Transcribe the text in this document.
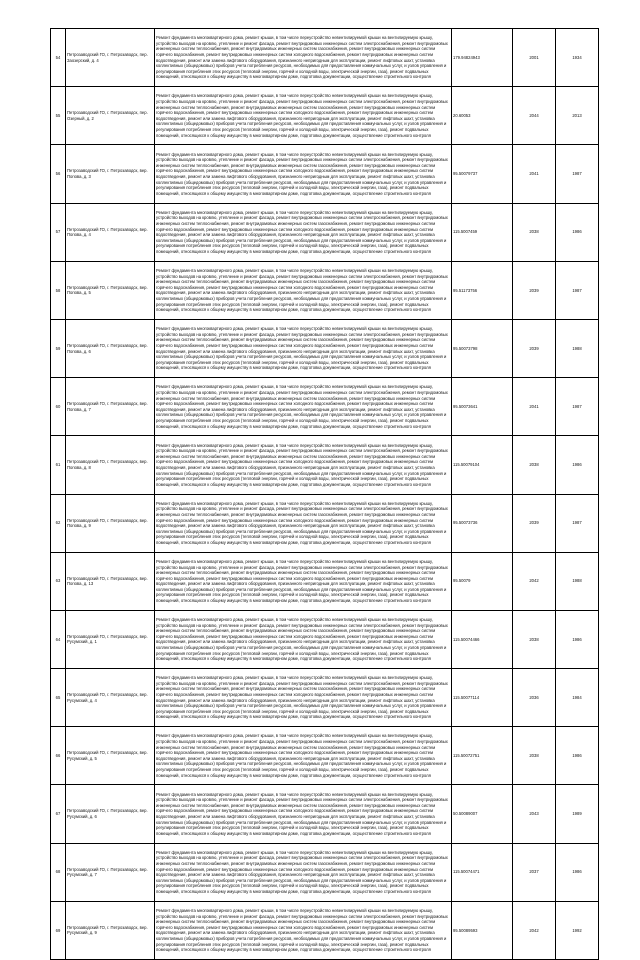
54	Петрозаводский ГО, г. Петрозаводск, пер. Заозерский, д. 4	Ремонт фундамента многоквартирного дома, ремонт крыши, в том числе переустройство невентилируемой крыши на вентилируемую крышу, устройство выходов на кровлю, утепление и ремонт фасада, ремонт внутридомовых инженерных систем электроснабжения, ремонт внутридомовых инженерных систем теплоснабжения, ремонт внутридомовых инженерных систем газоснабжения, ремонт внутридомовых инженерных систем горячего водоснабжения, ремонт внутридомовых инженерных систем холодного водоснабжения, ремонт внутридомовых инженерных систем водоотведения, ремонт или замена лифтового оборудования, признанного непригодным для эксплуатации, ремонт лифтовых шахт, установка коллективных (общедомовых) приборов учета потребления ресурсов, необходимых для предоставления коммунальных услуг, и узлов управления и регулирования потребления этих ресурсов (тепловой энергии, горячей и холодной воды, электрической энергии, газа), ремонт подвальных помещений, относящихся к общему имуществу в многоквартирном доме, подготовка документации, осуществление строительного контроля	179.94824943	2001	1934
55	Петрозаводский ГО, г. Петрозаводск, пер. Озерный, д. 2	Ремонт фундамента многоквартирного дома, ремонт крыши, в том числе переустройство невентилируемой крыши на вентилируемую крышу, устройство выходов на кровлю, утепление и ремонт фасада, ремонт внутридомовых инженерных систем электроснабжения, ремонт внутридомовых инженерных систем теплоснабжения, ремонт внутридомовых инженерных систем газоснабжения, ремонт внутридомовых инженерных систем горячего водоснабжения, ремонт внутридомовых инженерных систем холодного водоснабжения, ремонт внутридомовых инженерных систем водоотведения, ремонт или замена лифтового оборудования, признанного непригодным для эксплуатации, ремонт лифтовых шахт, установка коллективных (общедомовых) приборов учета потребления ресурсов, необходимых для предоставления коммунальных услуг, и узлов управления и регулирования потребления этих ресурсов (тепловой энергии, горячей и холодной воды, электрической энергии, газа), ремонт подвальных помещений, относящихся к общему имуществу в многоквартирном доме, подготовка документации, осуществление строительного контроля	20.60053	2044	2013
56	Петрозаводский ГО, г. Петрозаводск, вер. Попова, д. 3	Ремонт фундамента многоквартирного дома, ремонт крыши, в том числе переустройство невентилируемой крыши на вентилируемую крышу, устройство выходов на кровлю, утепление и ремонт фасада, ремонт внутридомовых инженерных систем электроснабжения, ремонт внутридомовых инженерных систем теплоснабжения, ремонт внутридомовых инженерных систем газоснабжения, ремонт внутридомовых инженерных систем горячего водоснабжения, ремонт внутридомовых инженерных систем холодного водоснабжения, ремонт внутридомовых инженерных систем водоотведения, ремонт или замена лифтового оборудования, признанного непригодным для эксплуатации, ремонт лифтовых шахт, установка коллективных (общедомовых) приборов учета потребления ресурсов, необходимых для предоставления коммунальных услуг, и узлов управления и регулирования потребления этих ресурсов (тепловой энергии, горячей и холодной воды, электрической энергии, газа), ремонт подвальных помещений, относящихся к общему имуществу в многоквартирном доме, подготовка документации, осуществление строительного контроля	95.50079737	2041	1987
57	Петрозаводский ГО, г. Петрозаводск, вер. Попова, д. 4	Ремонт фундамента многоквартирного дома, ремонт крыши, в том числе переустройство невентилируемой крыши на вентилируемую крышу, устройство выходов на кровлю, утепление и ремонт фасада, ремонт внутридомовых инженерных систем электроснабжения, ремонт внутридомовых инженерных систем теплоснабжения, ремонт внутридомовых инженерных систем газоснабжения, ремонт внутридомовых инженерных систем горячего водоснабжения, ремонт внутридомовых инженерных систем холодного водоснабжения, ремонт внутридомовых инженерных систем водоотведения, ремонт или замена лифтового оборудования, признанного непригодным для эксплуатации, ремонт лифтовых шахт, установка коллективных (общедомовых) приборов учета потребления ресурсов, необходимых для предоставления коммунальных услуг, и узлов управления и регулирования потребления этих ресурсов (тепловой энергии, горячей и холодной воды, электрической энергии, газа), ремонт подвальных помещений, относящихся к общему имуществу в многоквартирном доме, подготовка документации, осуществление строительного контроля	115.5007459	2038	1986
58	Петрозаводский ГО, г. Петрозаводск, вер. Попова, д. 5	Ремонт фундамента многоквартирного дома, ремонт крыши, в том числе переустройство невентилируемой крыши на вентилируемую крышу, устройство выходов на кровлю, утепление и ремонт фасада, ремонт внутридомовых инженерных систем электроснабжения, ремонт внутридомовых инженерных систем теплоснабжения, ремонт внутридомовых инженерных систем газоснабжения, ремонт внутридомовых инженерных систем горячего водоснабжения, ремонт внутридомовых инженерных систем холодного водоснабжения, ремонт внутридомовых инженерных систем водоотведения, ремонт или замена лифтового оборудования, признанного непригодным для эксплуатации, ремонт лифтовых шахт, установка коллективных (общедомовых) приборов учета потребления ресурсов, необходимых для предоставления коммунальных услуг, и узлов управления и регулирования потребления этих ресурсов (тепловой энергии, горячей и холодной воды, электрической энергии, газа), ремонт подвальных помещений, относящихся к общему имуществу в многоквартирном доме, подготовка документации, осуществление строительного контроля	95.51173756	2039	1987
59	Петрозаводский ГО, г. Петрозаводск, вер. Попова, д. 6	Ремонт фундамента многоквартирного дома, ремонт крыши, в том числе переустройство невентилируемой крыши на вентилируемую крышу, устройство выходов на кровлю, утепление и ремонт фасада, ремонт внутридомовых инженерных систем электроснабжения, ремонт внутридомовых инженерных систем теплоснабжения, ремонт внутридомовых инженерных систем газоснабжения, ремонт внутридомовых инженерных систем горячего водоснабжения, ремонт внутридомовых инженерных систем холодного водоснабжения, ремонт внутридомовых инженерных систем водоотведения, ремонт или замена лифтового оборудования, признанного непригодным для эксплуатации, ремонт лифтовых шахт, установка коллективных (общедомовых) приборов учета потребления ресурсов, необходимых для предоставления коммунальных услуг, и узлов управления и регулирования потребления этих ресурсов (тепловой энергии, горячей и холодной воды, электрической энергии, газа), ремонт подвальных помещений, относящихся к общему имуществу в многоквартирном доме, подготовка документации, осуществление строительного контроля	95.50073798	2039	1988
60	Петрозаводский ГО, г. Петрозаводск, вер. Попова, д. 7	Ремонт фундамента многоквартирного дома, ремонт крыши, в том числе переустройство невентилируемой крыши на вентилируемую крышу, устройство выходов на кровлю, утепление и ремонт фасада, ремонт внутридомовых инженерных систем электроснабжения, ремонт внутридомовых инженерных систем теплоснабжения, ремонт внутридомовых инженерных систем газоснабжения, ремонт внутридомовых инженерных систем горячего водоснабжения, ремонт внутридомовых инженерных систем холодного водоснабжения, ремонт внутридомовых инженерных систем водоотведения, ремонт или замена лифтового оборудования, признанного непригодным для эксплуатации, ремонт лифтовых шахт, установка коллективных (общедомовых) приборов учета потребления ресурсов, необходимых для предоставления коммунальных услуг, и узлов управления и регулирования потребления этих ресурсов (тепловой энергии, горячей и холодной воды, электрической энергии, газа), ремонт подвальных помещений, относящихся к общему имуществу в многоквартирном доме, подготовка документации, осуществление строительного контроля	95.50073641	2041	1987
61	Петрозаводский ГО, г. Петрозаводск, вер. Попова, д. 8	Ремонт фундамента многоквартирного дома, ремонт крыши, в том числе переустройство невентилируемой крыши на вентилируемую крышу, устройство выходов на кровлю, утепление и ремонт фасада, ремонт внутридомовых инженерных систем электроснабжения, ремонт внутридомовых инженерных систем теплоснабжения, ремонт внутридомовых инженерных систем газоснабжения, ремонт внутридомовых инженерных систем горячего водоснабжения, ремонт внутридомовых инженерных систем холодного водоснабжения, ремонт внутридомовых инженерных систем водоотведения, ремонт или замена лифтового оборудования, признанного непригодным для эксплуатации, ремонт лифтовых шахт, установка коллективных (общедомовых) приборов учета потребления ресурсов, необходимых для предоставления коммунальных услуг, и узлов управления и регулирования потребления этих ресурсов (тепловой энергии, горячей и холодной воды, электрической энергии, газа), ремонт подвальных помещений, относящихся к общему имуществу в многоквартирном доме, подготовка документации, осуществление строительного контроля	115.50079104	2038	1986
62	Петрозаводский ГО, г. Петрозаводск, вер. Попова, д. 9	Ремонт фундамента многоквартирного дома, ремонт крыши, в том числе переустройство невентилируемой крыши на вентилируемую крышу, устройство выходов на кровлю, утепление и ремонт фасада, ремонт внутридомовых инженерных систем электроснабжения, ремонт внутридомовых инженерных систем теплоснабжения, ремонт внутридомовых инженерных систем газоснабжения, ремонт внутридомовых инженерных систем горячего водоснабжения, ремонт внутридомовых инженерных систем холодного водоснабжения, ремонт внутридомовых инженерных систем водоотведения, ремонт или замена лифтового оборудования, признанного непригодным для эксплуатации, ремонт лифтовых шахт, установка коллективных (общедомовых) приборов учета потребления ресурсов, необходимых для предоставления коммунальных услуг, и узлов управления и регулирования потребления этих ресурсов (тепловой энергии, горячей и холодной воды, электрической энергии, газа), ремонт подвальных помещений, относящихся к общему имуществу в многоквартирном доме, подготовка документации, осуществление строительного контроля	95.50073736	2039	1987
63	Петрозаводский ГО, г. Петрозаводск, вер. Попова, д. 13	Ремонт фундамента многоквартирного дома, ремонт крыши, в том числе переустройство невентилируемой крыши на вентилируемую крышу, устройство выходов на кровлю, утепление и ремонт фасада, ремонт внутридомовых инженерных систем электроснабжения, ремонт внутридомовых инженерных систем теплоснабжения, ремонт внутридомовых инженерных систем газоснабжения, ремонт внутридомовых инженерных систем горячего водоснабжения, ремонт внутридомовых инженерных систем холодного водоснабжения, ремонт внутридомовых инженерных систем водоотведения, ремонт или замена лифтового оборудования, признанного непригодным для эксплуатации, ремонт лифтовых шахт, установка коллективных (общедомовых) приборов учета потребления ресурсов, необходимых для предоставления коммунальных услуг, и узлов управления и регулирования потребления этих ресурсов (тепловой энергии, горячей и холодной воды, электрической энергии, газа), ремонт подвальных помещений, относящихся к общему имуществу в многоквартирном доме, подготовка документации, осуществление строительного контроля	95.50079	2042	1988
64	Петрозаводский ГО, г. Петрозаводск, вер. Русумский, д. 1	Ремонт фундамента многоквартирного дома, ремонт крыши, в том числе переустройство невентилируемой крыши на вентилируемую крышу, устройство выходов на кровлю, утепление и ремонт фасада, ремонт внутридомовых инженерных систем электроснабжения, ремонт внутридомовых инженерных систем теплоснабжения, ремонт внутридомовых инженерных систем газоснабжения, ремонт внутридомовых инженерных систем горячего водоснабжения, ремонт внутридомовых инженерных систем холодного водоснабжения, ремонт внутридомовых инженерных систем водоотведения, ремонт или замена лифтового оборудования, признанного непригодным для эксплуатации, ремонт лифтовых шахт, установка коллективных (общедомовых) приборов учета потребления ресурсов, необходимых для предоставления коммунальных услуг, и узлов управления и регулирования потребления этих ресурсов (тепловой энергии, горячей и холодной воды, электрической энергии, газа), ремонт подвальных помещений, относящихся к общему имуществу в многоквартирном доме, подготовка документации, осуществление строительного контроля	115.50074466	2038	1986
65	Петрозаводский ГО, г. Петрозаводск, вер. Русумский, д. 4	Ремонт фундамента многоквартирного дома, ремонт крыши, в том числе переустройство невентилируемой крыши на вентилируемую крышу, устройство выходов на кровлю, утепление и ремонт фасада, ремонт внутридомовых инженерных систем электроснабжения, ремонт внутридомовых инженерных систем теплоснабжения, ремонт внутридомовых инженерных систем газоснабжения, ремонт внутридомовых инженерных систем горячего водоснабжения, ремонт внутридомовых инженерных систем холодного водоснабжения, ремонт внутридомовых инженерных систем водоотведения, ремонт или замена лифтового оборудования, признанного непригодным для эксплуатации, ремонт лифтовых шахт, установка коллективных (общедомовых) приборов учета потребления ресурсов, необходимых для предоставления коммунальных услуг, и узлов управления и регулирования потребления этих ресурсов (тепловой энергии, горячей и холодной воды, электрической энергии, газа), ремонт подвальных помещений, относящихся к общему имуществу в многоквартирном доме, подготовка документации, осуществление строительного контроля	115.50077114	2036	1984
66	Петрозаводский ГО, г. Петрозаводск, вер. Русумский, д. 5	Ремонт фундамента многоквартирного дома, ремонт крыши, в том числе переустройство невентилируемой крыши на вентилируемую крышу, устройство выходов на кровлю, утепление и ремонт фасада, ремонт внутридомовых инженерных систем электроснабжения, ремонт внутридомовых инженерных систем теплоснабжения, ремонт внутридомовых инженерных систем газоснабжения, ремонт внутридомовых инженерных систем горячего водоснабжения, ремонт внутридомовых инженерных систем холодного водоснабжения, ремонт внутридомовых инженерных систем водоотведения, ремонт или замена лифтового оборудования, признанного непригодным для эксплуатации, ремонт лифтовых шахт, установка коллективных (общедомовых) приборов учета потребления ресурсов, необходимых для предоставления коммунальных услуг, и узлов управления и регулирования потребления этих ресурсов (тепловой энергии, горячей и холодной воды, электрической энергии, газа), ремонт подвальных помещений, относящихся к общему имуществу в многоквартирном доме, подготовка документации, осуществление строительного контроля	115.50072751	2038	1986
67	Петрозаводский ГО, г. Петрозаводск, вер. Русумский, д. 6	Ремонт фундамента многоквартирного дома, ремонт крыши, в том числе переустройство невентилируемой крыши на вентилируемую крышу, устройство выходов на кровлю, утепление и ремонт фасада, ремонт внутридомовых инженерных систем электроснабжения, ремонт внутридомовых инженерных систем теплоснабжения, ремонт внутридомовых инженерных систем газоснабжения, ремонт внутридомовых инженерных систем горячего водоснабжения, ремонт внутридомовых инженерных систем холодного водоснабжения, ремонт внутридомовых инженерных систем водоотведения, ремонт или замена лифтового оборудования, признанного непригодным для эксплуатации, ремонт лифтовых шахт, установка коллективных (общедомовых) приборов учета потребления ресурсов, необходимых для предоставления коммунальных услуг, и узлов управления и регулирования потребления этих ресурсов (тепловой энергии, горячей и холодной воды, электрической энергии, газа), ремонт подвальных помещений, относящихся к общему имуществу в многоквартирном доме, подготовка документации, осуществление строительного контроля	50.50089007	2043	1989
68	Петрозаводский ГО, г. Петрозаводск, вер. Русумский, д. 7	Ремонт фундамента многоквартирного дома, ремонт крыши, в том числе переустройство невентилируемой крыши на вентилируемую крышу, устройство выходов на кровлю, утепление и ремонт фасада, ремонт внутридомовых инженерных систем электроснабжения, ремонт внутридомовых инженерных систем теплоснабжения, ремонт внутридомовых инженерных систем газоснабжения, ремонт внутридомовых инженерных систем горячего водоснабжения, ремонт внутридомовых инженерных систем холодного водоснабжения, ремонт внутридомовых инженерных систем водоотведения, ремонт или замена лифтового оборудования, признанного непригодным для эксплуатации, ремонт лифтовых шахт, установка коллективных (общедомовых) приборов учета потребления ресурсов, необходимых для предоставления коммунальных услуг, и узлов управления и регулирования потребления этих ресурсов (тепловой энергии, горячей и холодной воды, электрической энергии, газа), ремонт подвальных помещений, относящихся к общему имуществу в многоквартирном доме, подготовка документации, осуществление строительного контроля	115.50074471	2037	1986
69	Петрозаводский ГО, г. Петрозаводск, вер. Русумский, д. 9	Ремонт фундамента многоквартирного дома, ремонт крыши, в том числе переустройство невентилируемой крыши на вентилируемую крышу, устройство выходов на кровлю, утепление и ремонт фасада, ремонт внутридомовых инженерных систем электроснабжения, ремонт внутридомовых инженерных систем теплоснабжения, ремонт внутридомовых инженерных систем газоснабжения, ремонт внутридомовых инженерных систем горячего водоснабжения, ремонт внутридомовых инженерных систем холодного водоснабжения, ремонт внутридомовых инженерных систем водоотведения, ремонт или замена лифтового оборудования, признанного непригодным для эксплуатации, ремонт лифтовых шахт, установка коллективных (общедомовых) приборов учета потребления ресурсов, необходимых для предоставления коммунальных услуг, и узлов управления и регулирования потребления этих ресурсов (тепловой энергии, горячей и холодной воды, электрической энергии, газа), ремонт подвальных помещений, относящихся к общему имуществу в многоквартирном доме, подготовка документации, осуществление строительного контроля	95.50089593	2042	1992
